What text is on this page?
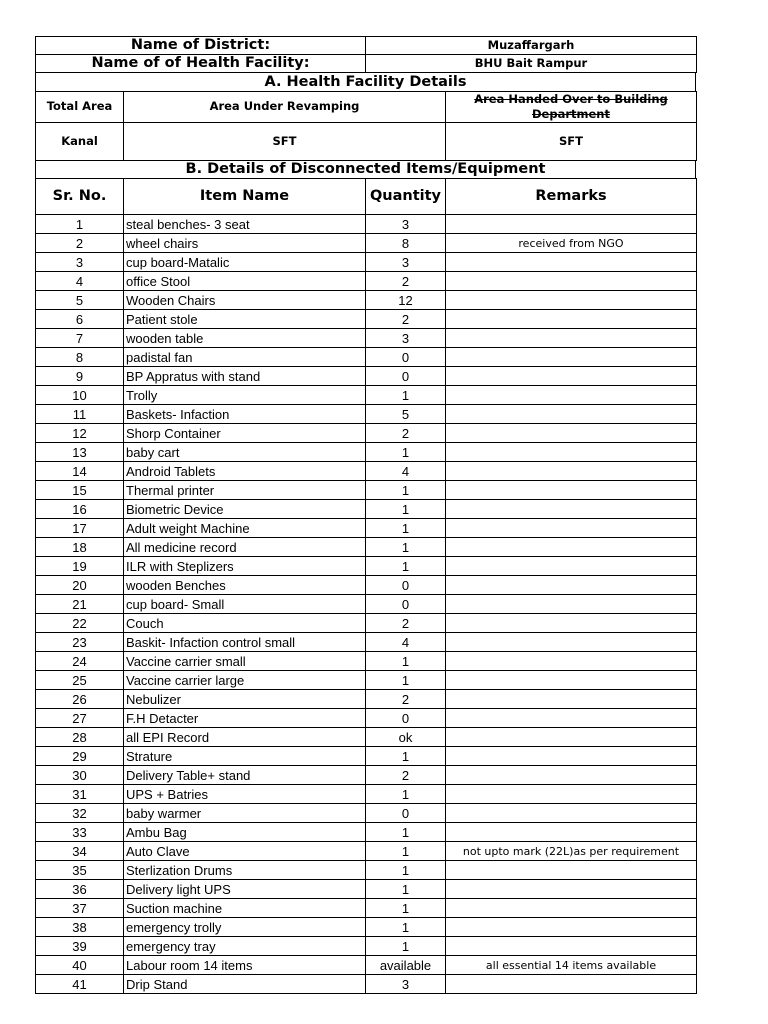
Name of District:	Muzaffargarh
Name of of Health Facility:	BHU Bait Rampur
A. Health Facility Details
Total Area	Area Under Revamping	Area Handed Over to Building Department
Kanal	SFT	SFT
B. Details of Disconnected Items/Equipment
Sr. No.	Item Name	Quantity	Remarks
1	steal benches- 3 seat	3	
2	wheel chairs	8	received from NGO
3	cup board-Matalic	3	
4	office Stool	2	
5	Wooden Chairs	12	
6	Patient stole	2	
7	wooden table	3	
8	padistal fan	0	
9	BP Appratus with stand	0	
10	Trolly	1	
11	Baskets- Infaction	5	
12	Shorp Container	2	
13	baby cart	1	
14	Android Tablets	4	
15	Thermal printer	1	
16	Biometric Device	1	
17	Adult weight Machine	1	
18	All medicine record	1	
19	ILR with Steplizers	1	
20	wooden Benches	0	
21	cup board- Small	0	
22	Couch	2	
23	Baskit- Infaction control small	4	
24	Vaccine carrier small	1	
25	Vaccine carrier large	1	
26	Nebulizer	2	
27	F.H Detacter	0	
28	all EPI Record	ok	
29	Strature	1	
30	Delivery Table+ stand	2	
31	UPS + Batries	1	
32	baby warmer	0	
33	Ambu Bag	1	
34	Auto Clave	1	not upto mark (22L)as per requirement
35	Sterlization Drums	1	
36	Delivery light UPS	1	
37	Suction machine	1	
38	emergency trolly	1	
39	emergency tray	1	
40	Labour room 14 items	available	all essential 14 items available
41	Drip Stand	3	
